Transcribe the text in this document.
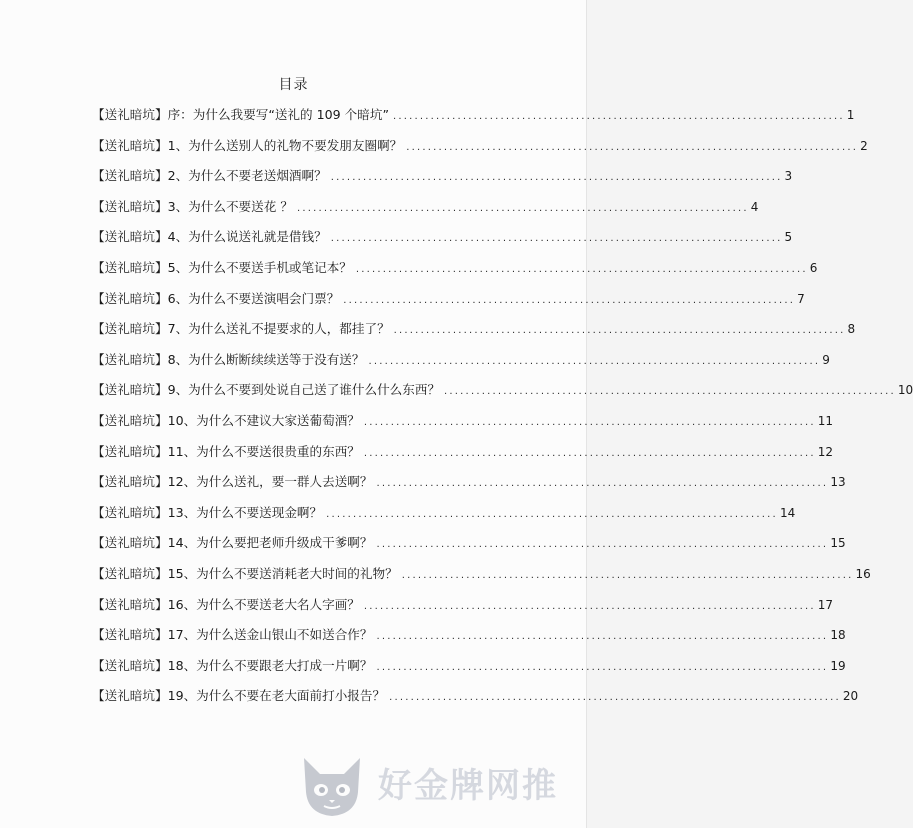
目录
【送礼暗坑】序：为什么我要写“送礼的 109 个暗坑” .................................................................................... 1
【送礼暗坑】1、为什么送别人的礼物不要发朋友圈啊？ .................................................................................... 2
【送礼暗坑】2、为什么不要老送烟酒啊？ .................................................................................... 3
【送礼暗坑】3、为什么不要送花 ？ .................................................................................... 4
【送礼暗坑】4、为什么说送礼就是借钱？ .................................................................................... 5
【送礼暗坑】5、为什么不要送手机或笔记本？ .................................................................................... 6
【送礼暗坑】6、为什么不要送演唱会门票？ .................................................................................... 7
【送礼暗坑】7、为什么送礼不提要求的人，都挂了？ .................................................................................... 8
【送礼暗坑】8、为什么断断续续送等于没有送？ .................................................................................... 9
【送礼暗坑】9、为什么不要到处说自己送了谁什么什么东西？ .................................................................................... 10
【送礼暗坑】10、为什么不建议大家送葡萄酒？ .................................................................................... 11
【送礼暗坑】11、为什么不要送很贵重的东西？ .................................................................................... 12
【送礼暗坑】12、为什么送礼，要一群人去送啊？ .................................................................................... 13
【送礼暗坑】13、为什么不要送现金啊？ .................................................................................... 14
【送礼暗坑】14、为什么要把老师升级成干爹啊？ .................................................................................... 15
【送礼暗坑】15、为什么不要送消耗老大时间的礼物？ .................................................................................... 16
【送礼暗坑】16、为什么不要送老大名人字画？ .................................................................................... 17
【送礼暗坑】17、为什么送金山银山不如送合作？ .................................................................................... 18
【送礼暗坑】18、为什么不要跟老大打成一片啊？ .................................................................................... 19
【送礼暗坑】19、为什么不要在老大面前打小报告？ .................................................................................... 20
好金牌网推
